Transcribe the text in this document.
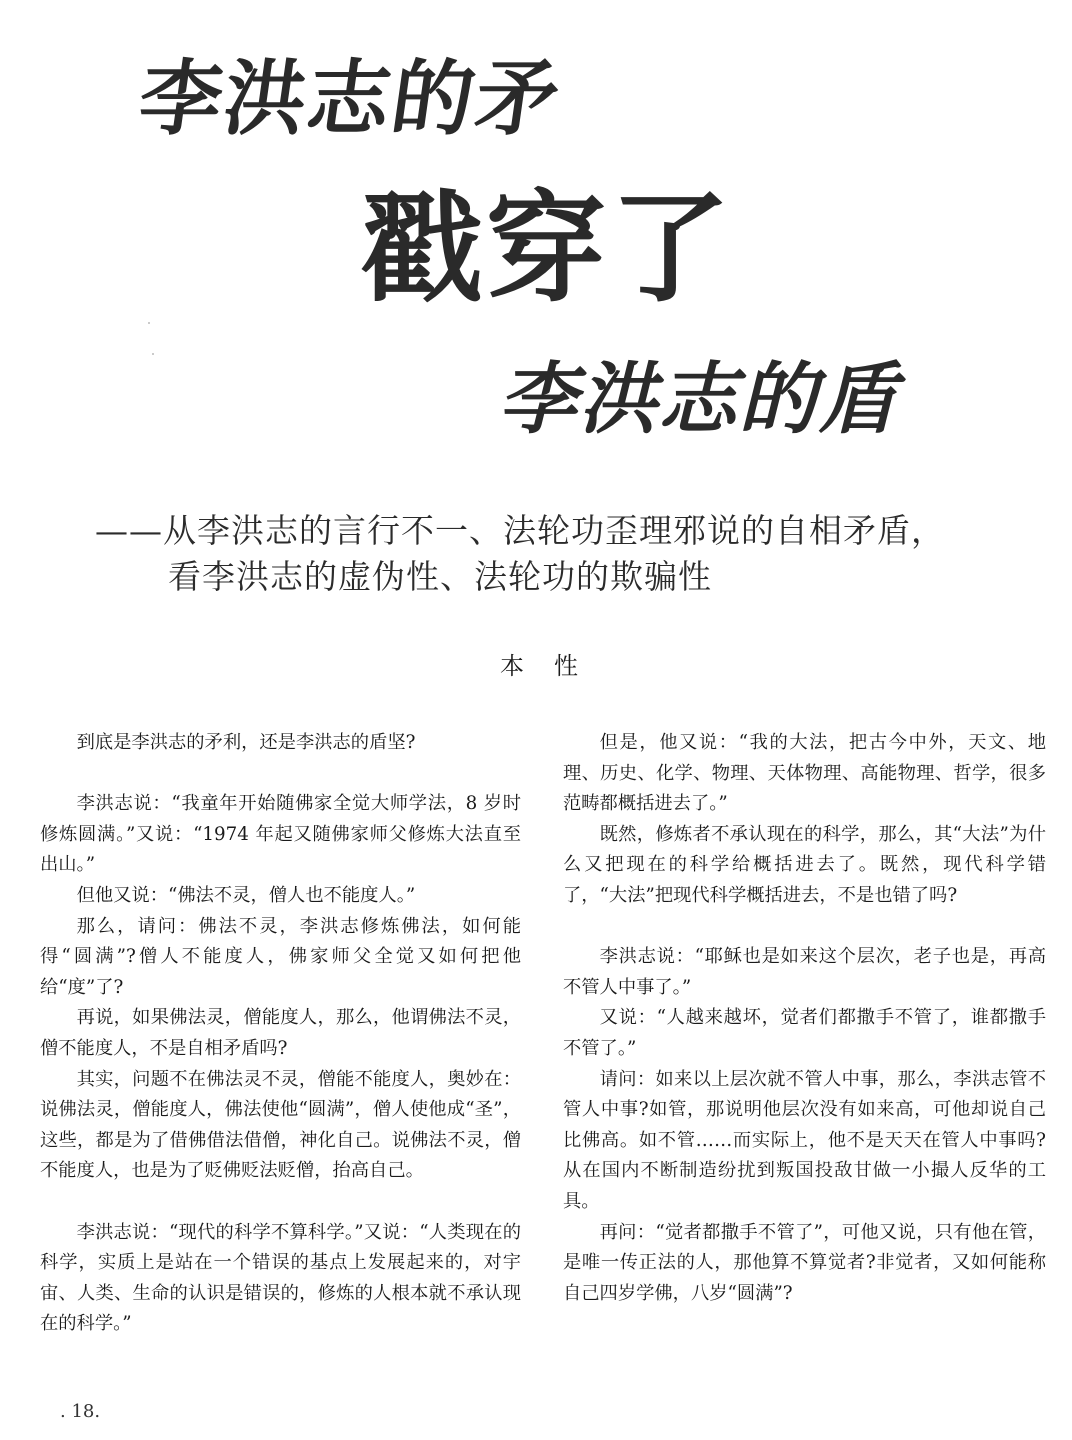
李洪志的矛
戳穿了
李洪志的盾
——从李洪志的言行不一、法轮功歪理邪说的自相矛盾，
看李洪志的虚伪性、法轮功的欺骗性
本性

到底是李洪志的矛利，还是李洪志的盾坚?

李洪志说：“我童年开始随佛家全觉大师学法，8 岁时修炼圆满。”又说：“1974 年起又随佛家师父修炼大法直至出山。”

但他又说：“佛法不灵，僧人也不能度人。”

那么，请问：佛法不灵，李洪志修炼佛法，如何能得“圆满”?僧人不能度人，佛家师父全觉又如何把他给“度”了?

再说，如果佛法灵，僧能度人，那么，他谓佛法不灵，僧不能度人，不是自相矛盾吗?

其实，问题不在佛法灵不灵，僧能不能度人，奥妙在：说佛法灵，僧能度人，佛法使他“圆满”，僧人使他成“圣”，这些，都是为了借佛借法借僧，神化自己。说佛法不灵，僧不能度人，也是为了贬佛贬法贬僧，抬高自己。

李洪志说：“现代的科学不算科学。”又说：“人类现在的科学，实质上是站在一个错误的基点上发展起来的，对宇宙、人类、生命的认识是错误的，修炼的人根本就不承认现在的科学。”

但是，他又说：“我的大法，把古今中外，天文、地理、历史、化学、物理、天体物理、高能物理、哲学，很多范畴都概括进去了。”

既然，修炼者不承认现在的科学，那么，其“大法”为什么又把现在的科学给概括进去了。既然，现代科学错了，“大法”把现代科学概括进去，不是也错了吗?

李洪志说：“耶稣也是如来这个层次，老子也是，再高不管人中事了。”

又说：“人越来越坏，觉者们都撒手不管了，谁都撒手不管了。”

请问：如来以上层次就不管人中事，那么，李洪志管不管人中事?如管，那说明他层次没有如来高，可他却说自己比佛高。如不管……而实际上，他不是天天在管人中事吗?从在国内不断制造纷扰到叛国投敌甘做一小撮人反华的工具。

再问：“觉者都撒手不管了”，可他又说，只有他在管，是唯一传正法的人，那他算不算觉者?非觉者，又如何能称自己四岁学佛，八岁“圆满”?

. 18.
